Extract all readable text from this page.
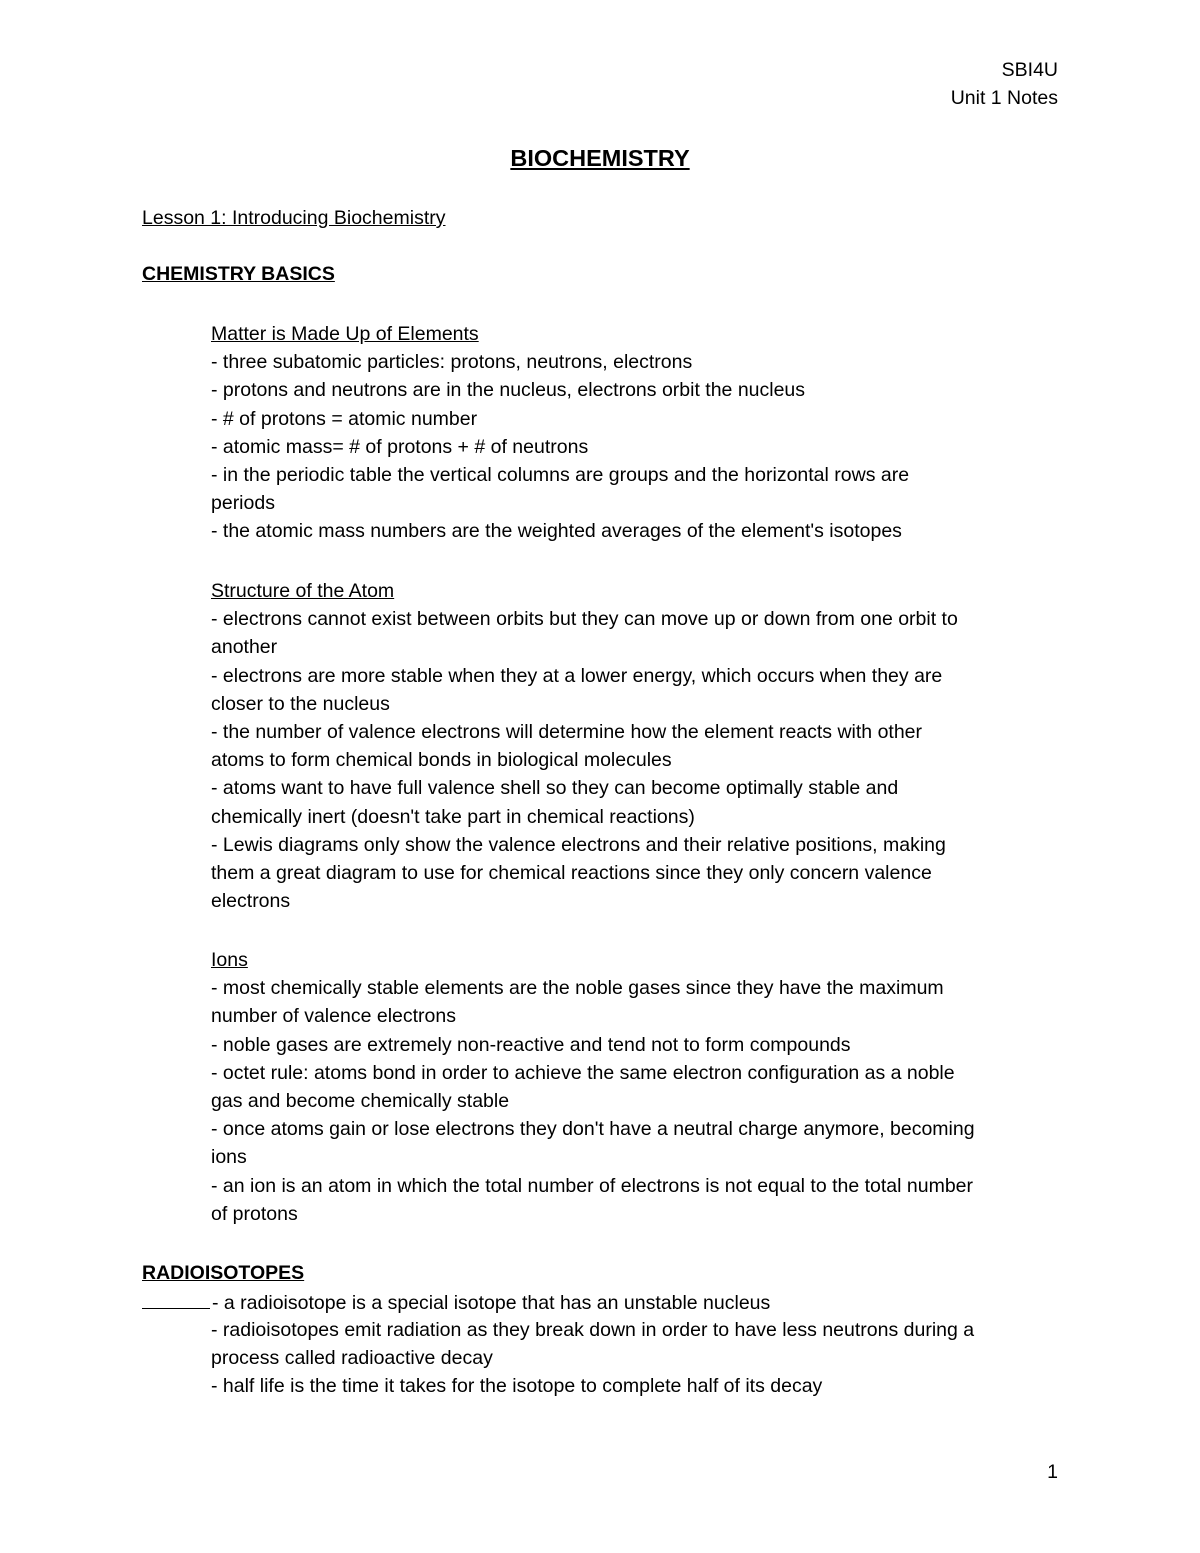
SBI4U
Unit 1 Notes
BIOCHEMISTRY
Lesson 1: Introducing Biochemistry
CHEMISTRY BASICS
Matter is Made Up of Elements
- three subatomic particles: protons, neutrons, electrons
- protons and neutrons are in the nucleus, electrons orbit the nucleus
- # of protons = atomic number
- atomic mass= # of protons + # of neutrons
- in the periodic table the vertical columns are groups and the horizontal rows are
periods
- the atomic mass numbers are the weighted averages of the element's isotopes
Structure of the Atom
- electrons cannot exist between orbits but they can move up or down from one orbit to
another
- electrons are more stable when they at a lower energy, which occurs when they are
closer to the nucleus
- the number of valence electrons will determine how the element reacts with other
atoms to form chemical bonds in biological molecules
- atoms want to have full valence shell so they can become optimally stable and
chemically inert (doesn't take part in chemical reactions)
- Lewis diagrams only show the valence electrons and their relative positions, making
them a great diagram to use for chemical reactions since they only concern valence
electrons
Ions
- most chemically stable elements are the noble gases since they have the maximum
number of valence electrons
- noble gases are extremely non-reactive and tend not to form compounds
- octet rule: atoms bond in order to achieve the same electron configuration as a noble
gas and become chemically stable
- once atoms gain or lose electrons they don't have a neutral charge anymore, becoming
ions
- an ion is an atom in which the total number of electrons is not equal to the total number
of protons
RADIOISOTOPES
- a radioisotope is a special isotope that has an unstable nucleus
- radioisotopes emit radiation as they break down in order to have less neutrons during a
process called radioactive decay
- half life is the time it takes for the isotope to complete half of its decay
1
